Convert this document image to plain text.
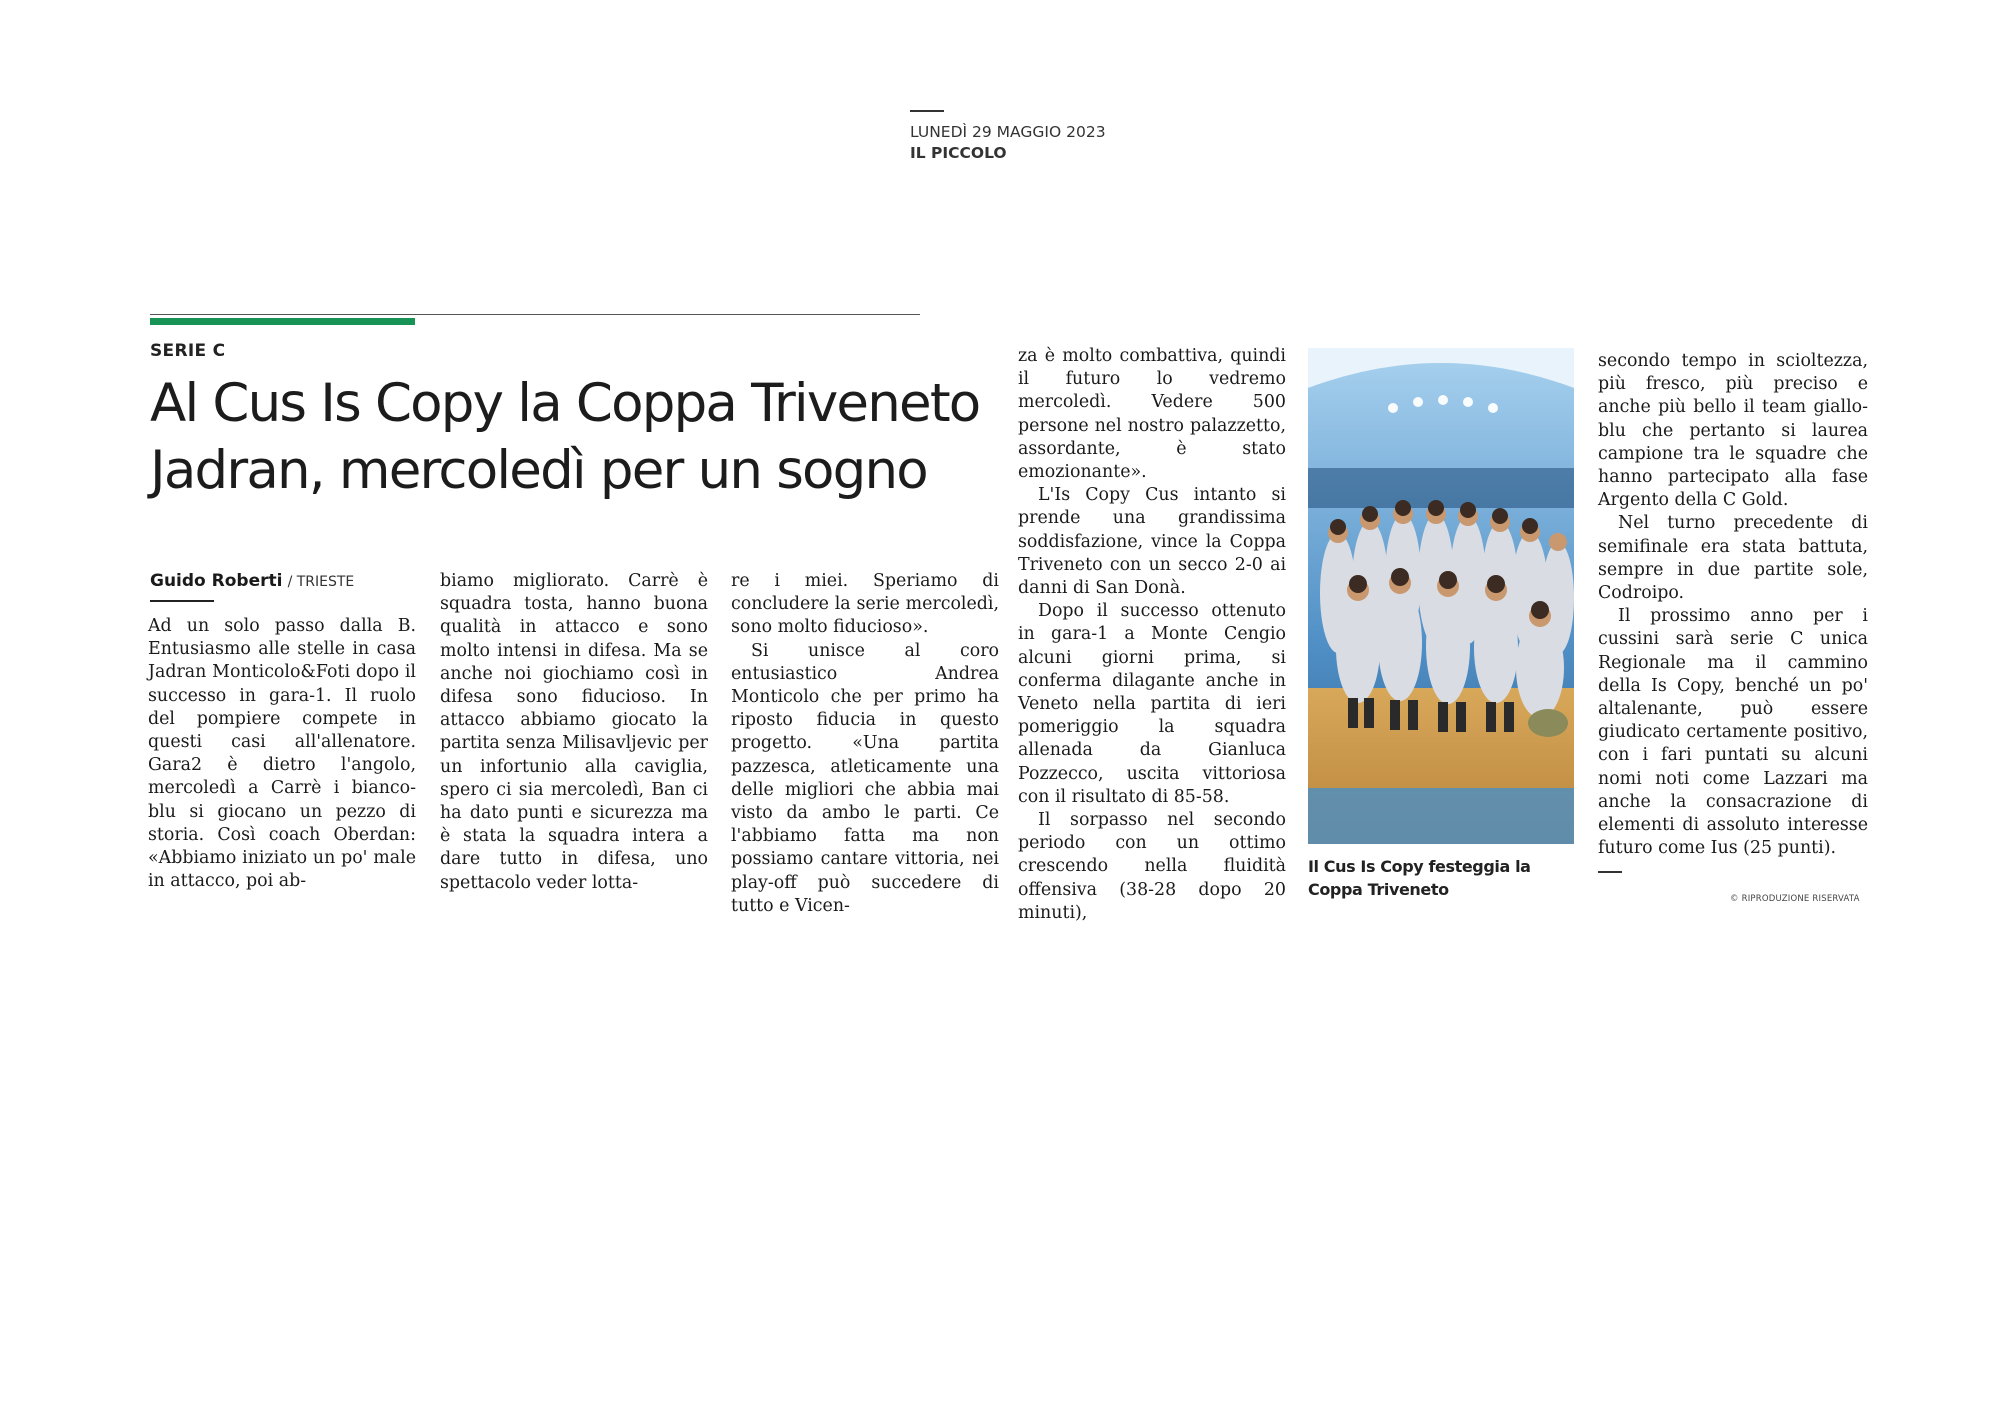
LUNEDÌ 29 MAGGIO 2023
IL PICCOLO
SERIE C
Al Cus Is Copy la Coppa Triveneto
Jadran, mercoledì per un sogno
Guido Roberti / TRIESTE

Ad un solo passo dalla B. Entusiasmo alle stelle in casa Jadran Monticolo&Foti dopo il successo in gara-1. Il ruolo del pompiere compete in questi casi all'allenatore. Gara2 è dietro l'angolo, mercoledì a Carrè i bianco-blu si giocano un pezzo di storia. Così coach Oberdan: «Abbiamo iniziato un po' male in attacco, poi ab-

biamo migliorato. Carrè è squadra tosta, hanno buona qualità in attacco e sono molto intensi in difesa. Ma se anche noi giochiamo così in difesa sono fiducioso. In attacco abbiamo giocato la partita senza Milisavljevic per un infortunio alla caviglia, spero ci sia mercoledì, Ban ci ha dato punti e sicurezza ma è stata la squadra intera a dare tutto in difesa, uno spettacolo veder lotta-

re i miei. Speriamo di concludere la serie mercoledì, sono molto fiducioso».

Si unisce al coro entusiastico Andrea Monticolo che per primo ha riposto fiducia in questo progetto. «Una partita pazzesca, atleticamente una delle migliori che abbia mai visto da ambo le parti. Ce l'abbiamo fatta ma non possiamo cantare vittoria, nei play-off può succedere di tutto e Vicen-

za è molto combattiva, quindi il futuro lo vedremo mercoledì. Vedere 500 persone nel nostro palazzetto, assordante, è stato emozionante».

L'Is Copy Cus intanto si prende una grandissima soddisfazione, vince la Coppa Triveneto con un secco 2-0 ai danni di San Donà.

Dopo il successo ottenuto in gara-1 a Monte Cengio alcuni giorni prima, si conferma dilagante anche in Veneto nella partita di ieri pomeriggio la squadra allenada da Gianluca Pozzecco, uscita vittoriosa con il risultato di 85-58.

Il sorpasso nel secondo periodo con un ottimo crescendo nella fluidità offensiva (38-28 dopo 20 minuti),

Il Cus Is Copy festeggia la Coppa Triveneto

secondo tempo in scioltezza, più fresco, più preciso e anche più bello il team giallo-blu che pertanto si laurea campione tra le squadre che hanno partecipato alla fase Argento della C Gold.

Nel turno precedente di semifinale era stata battuta, sempre in due partite sole, Codroipo.

Il prossimo anno per i cussini sarà serie C unica Regionale ma il cammino della Is Copy, benché un po' altalenante, può essere giudicato certamente positivo, con i fari puntati su alcuni nomi noti come Lazzari ma anche la consacrazione di elementi di assoluto interesse futuro come Ius (25 punti).

© RIPRODUZIONE RISERVATA
